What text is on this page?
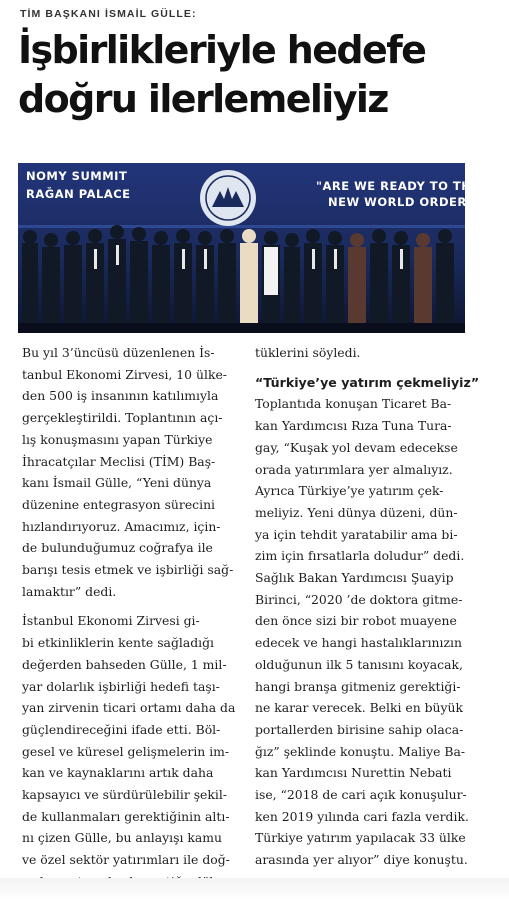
TİM BAŞKANI İSMAİL GÜLLE:
İşbirlikleriyle hedefe
doğru ilerlemeliyiz
NOMY SUMMIT
RAĞAN PALACE
"ARE WE READY TO THE
NEW WORLD ORDER?"
Bu yıl 3’üncüsü düzenlenen İs-
tanbul Ekonomi Zirvesi, 10 ülke-
den 500 iş insanının katılımıyla
gerçekleştirildi. Toplantının açı-
lış konuşmasını yapan Türkiye
İhracatçılar Meclisi (TİM) Baş-
kanı İsmail Gülle, “Yeni dünya
düzenine entegrasyon sürecini
hızlandırıyoruz. Amacımız, için-
de bulunduğumuz coğrafya ile
barışı tesis etmek ve işbirliği sağ-
lamaktır” dedi.
İstanbul Ekonomi Zirvesi gi-
bi etkinliklerin kente sağladığı
değerden bahseden Gülle, 1 mil-
yar dolarlık işbirliği hedefi taşı-
yan zirvenin ticari ortamı daha da
güçlendireceğini ifade etti. Böl-
gesel ve küresel gelişmelerin im-
kan ve kaynaklarını artık daha
kapsayıcı ve sürdürülebilir şekil-
de kullanmaları gerektiğinin altı-
nı çizen Gülle, bu anlayışı kamu
ve özel sektör yatırımları ile doğ-
tüklerini söyledi.
“Türkiye’ye yatırım çekmeliyiz”
Toplantıda konuşan Ticaret Ba-
kan Yardımcısı Rıza Tuna Tura-
gay, “Kuşak yol devam edecekse
orada yatırımlara yer almalıyız.
Ayrıca Türkiye’ye yatırım çek-
meliyiz. Yeni dünya düzeni, dün-
ya için tehdit yaratabilir ama bi-
zim için fırsatlarla doludur” dedi.
Sağlık Bakan Yardımcısı Şuayip
Birinci, “2020 ’de doktora gitme-
den önce sizi bir robot muayene
edecek ve hangi hastalıklarınızın
olduğunun ilk 5 tanısını koyacak,
hangi branşa gitmeniz gerektiği-
ne karar verecek. Belki en büyük
portallerden birisine sahip olaca-
ğız” şeklinde konuştu. Maliye Ba-
kan Yardımcısı Nurettin Nebati
ise, “2018 de cari açık konuşulur-
ken 2019 yılında cari fazla verdik.
Türkiye yatırım yapılacak 33 ülke
arasında yer alıyor” diye konuştu.
